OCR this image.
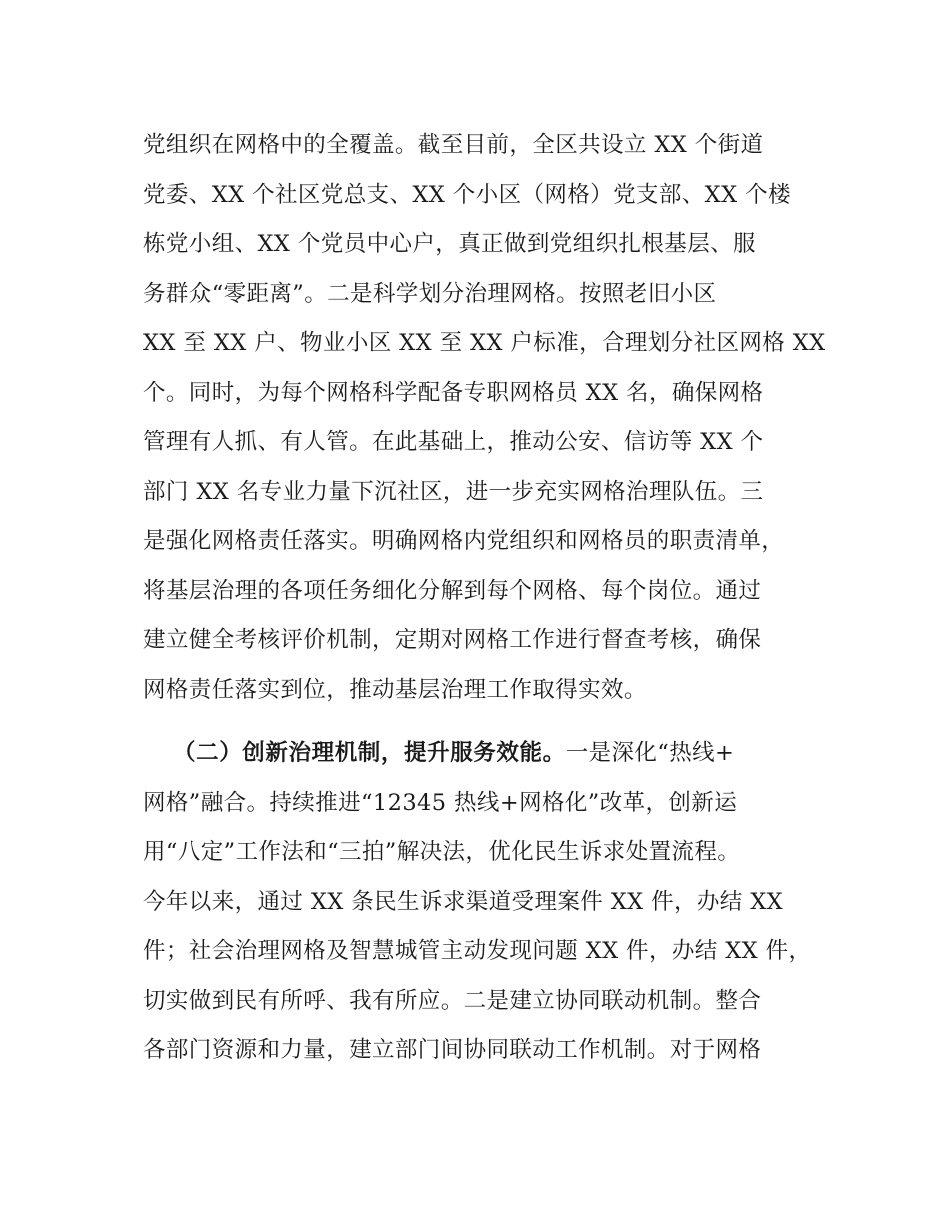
党组织在网格中的全覆盖。截至目前，全区共设立 XX 个街道
党委、XX 个社区党总支、XX 个小区（网格）党支部、XX 个楼
栋党小组、XX 个党员中心户，真正做到党组织扎根基层、服
务群众“零距离”。二是科学划分治理网格。按照老旧小区
XX 至 XX 户、物业小区 XX 至 XX 户标准，合理划分社区网格 XX
个。同时，为每个网格科学配备专职网格员 XX 名，确保网格
管理有人抓、有人管。在此基础上，推动公安、信访等 XX 个
部门 XX 名专业力量下沉社区，进一步充实网格治理队伍。三
是强化网格责任落实。明确网格内党组织和网格员的职责清单，
将基层治理的各项任务细化分解到每个网格、每个岗位。通过
建立健全考核评价机制，定期对网格工作进行督查考核，确保
网格责任落实到位，推动基层治理工作取得实效。
（二）创新治理机制，提升服务效能。一是深化“热线+
网格”融合。持续推进“12345 热线+网格化”改革，创新运
用“八定”工作法和“三拍”解决法，优化民生诉求处置流程。
今年以来，通过 XX 条民生诉求渠道受理案件 XX 件，办结 XX
件；社会治理网格及智慧城管主动发现问题 XX 件，办结 XX 件，
切实做到民有所呼、我有所应。二是建立协同联动机制。整合
各部门资源和力量，建立部门间协同联动工作机制。对于网格
